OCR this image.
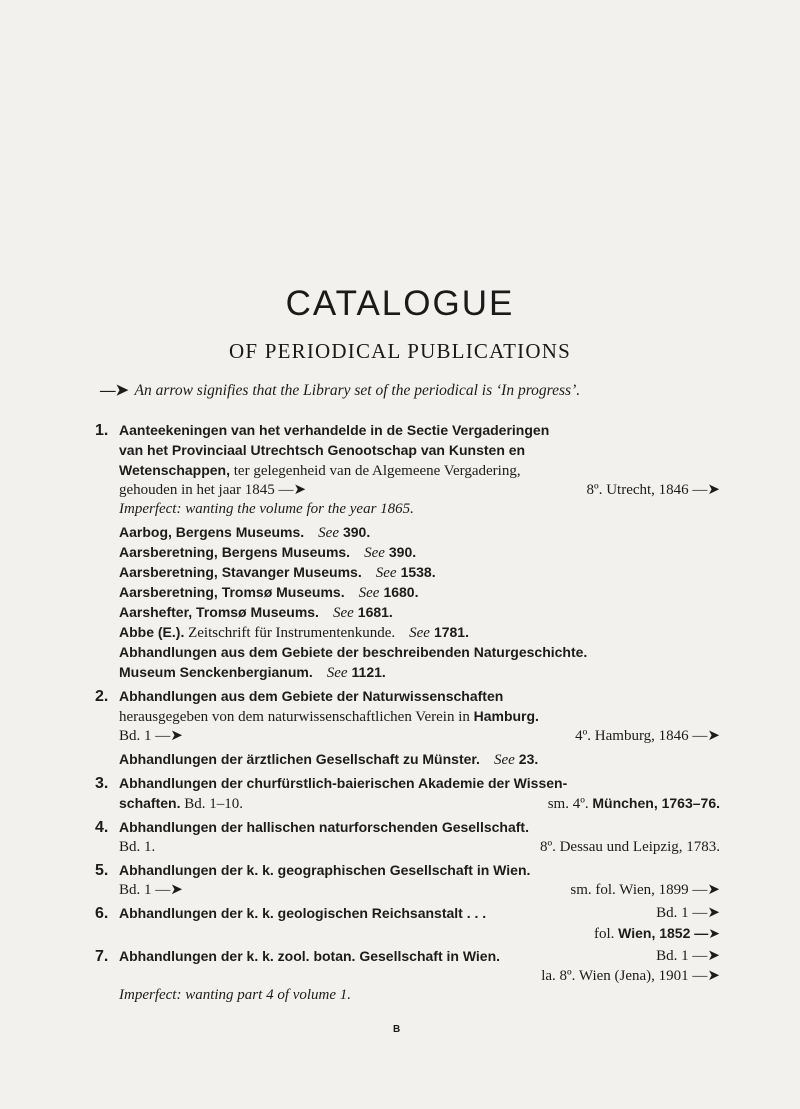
CATALOGUE
OF PERIODICAL PUBLICATIONS
—➤ An arrow signifies that the Library set of the periodical is ‘In progress’.
1. Aanteekeningen van het verhandelde in de Sectie Vergaderingen
van het Provinciaal Utrechtsch Genootschap van Kunsten en
Wetenschappen, ter gelegenheid van de Algemeene Vergadering,
gehouden in het jaar 1845 —➤	8º. Utrecht, 1846 —➤
Imperfect: wanting the volume for the year 1865.
Aarbog, Bergens Museums. See 390.
Aarsberetning, Bergens Museums. See 390.
Aarsberetning, Stavanger Museums. See 1538.
Aarsberetning, Tromsø Museums. See 1680.
Aarshefter, Tromsø Museums. See 1681.
Abbe (E.). Zeitschrift für Instrumentenkunde. See 1781.
Abhandlungen aus dem Gebiete der beschreibenden Naturgeschichte.
Museum Senckenbergianum. See 1121.
2. Abhandlungen aus dem Gebiete der Naturwissenschaften
herausgegeben von dem naturwissenschaftlichen Verein in Hamburg.
Bd. 1 —➤	4º. Hamburg, 1846 —➤
Abhandlungen der ärztlichen Gesellschaft zu Münster. See 23.
3. Abhandlungen der churfürstlich-baierischen Akademie der Wissen-
schaften. Bd. 1–10.	sm. 4º. München, 1763–76.
4. Abhandlungen der hallischen naturforschenden Gesellschaft.
Bd. 1.	8º. Dessau und Leipzig, 1783.
5. Abhandlungen der k. k. geographischen Gesellschaft in Wien.
Bd. 1 —➤	sm. fol. Wien, 1899 —➤
6. Abhandlungen der k. k. geologischen Reichsanstalt . . .	Bd. 1 —➤
fol. Wien, 1852 —➤

7. Abhandlungen der k. k. zool. botan. Gesellschaft in Wien.	Bd. 1 —➤
la. 8º. Wien (Jena), 1901 —➤

Imperfect: wanting part 4 of volume 1.
B
